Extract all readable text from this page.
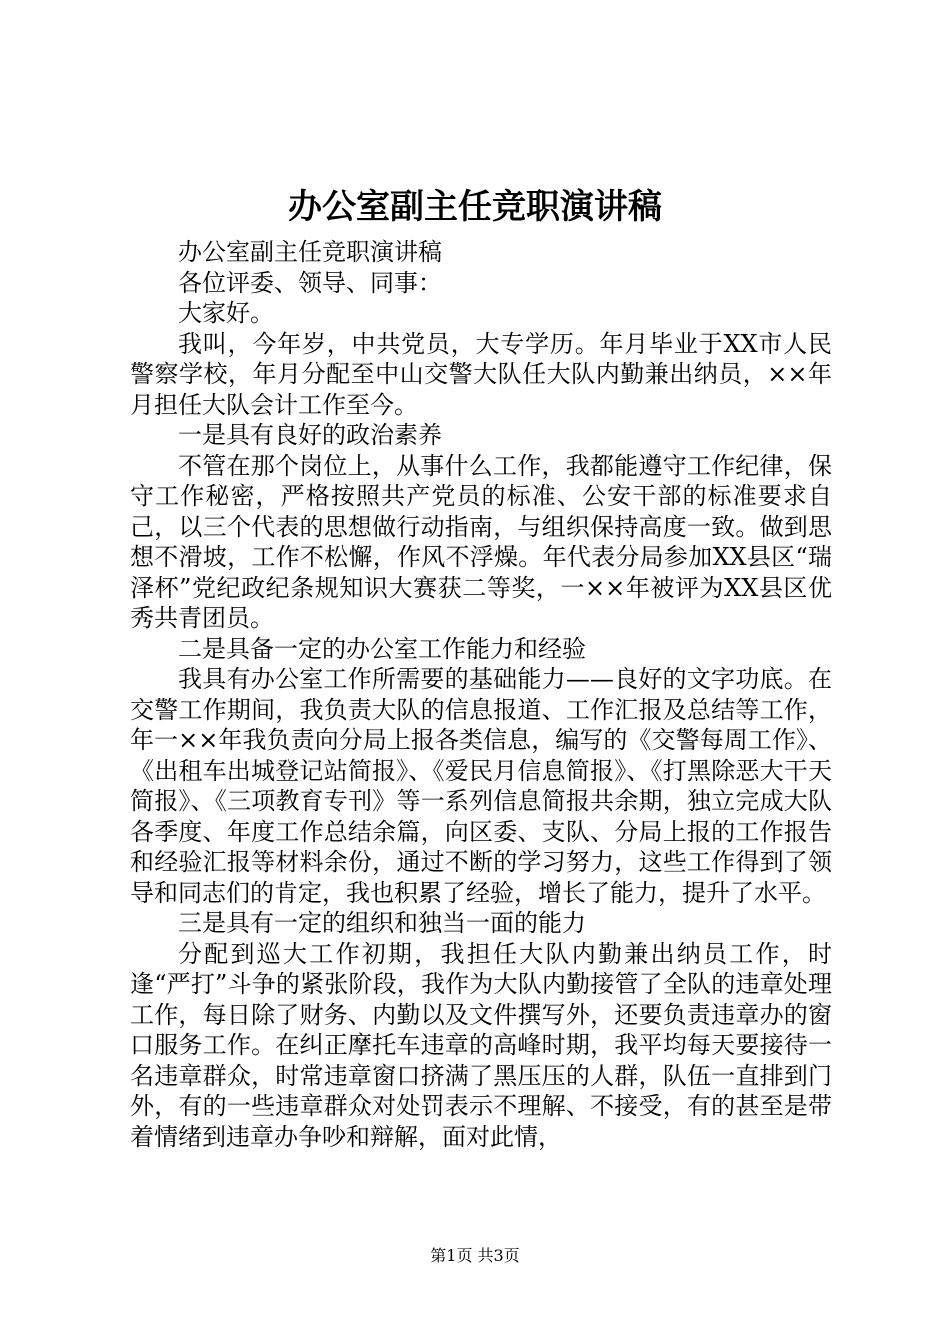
办公室副主任竞职演讲稿

办公室副主任竞职演讲稿

各位评委、领导、同事：

大家好。

我叫，今年岁，中共党员，大专学历。年月毕业于XX市人民警察学校，年月分配至中山交警大队任大队内勤兼出纳员，××年月担任大队会计工作至今。

一是具有良好的政治素养

不管在那个岗位上，从事什么工作，我都能遵守工作纪律，保守工作秘密，严格按照共产党员的标准、公安干部的标准要求自己，以三个代表的思想做行动指南，与组织保持高度一致。做到思想不滑坡，工作不松懈，作风不浮燥。年代表分局参加XX县区“瑞泽杯”党纪政纪条规知识大赛获二等奖，一××年被评为XX县区优秀共青团员。

二是具备一定的办公室工作能力和经验

我具有办公室工作所需要的基础能力——良好的文字功底。在交警工作期间，我负责大队的信息报道、工作汇报及总结等工作，年一××年我负责向分局上报各类信息，编写的《交警每周工作》、《出租车出城登记站简报》、《爱民月信息简报》、《打黑除恶大干天简报》、《三项教育专刊》等一系列信息简报共余期，独立完成大队各季度、年度工作总结余篇，向区委、支队、分局上报的工作报告和经验汇报等材料余份，通过不断的学习努力，这些工作得到了领导和同志们的肯定，我也积累了经验，增长了能力，提升了水平。

三是具有一定的组织和独当一面的能力

分配到巡大工作初期，我担任大队内勤兼出纳员工作，时逢“严打”斗争的紧张阶段，我作为大队内勤接管了全队的违章处理工作，每日除了财务、内勤以及文件撰写外，还要负责违章办的窗口服务工作。在纠正摩托车违章的高峰时期，我平均每天要接待一名违章群众，时常违章窗口挤满了黑压压的人群，队伍一直排到门外，有的一些违章群众对处罚表示不理解、不接受，有的甚至是带着情绪到违章办争吵和辩解，面对此情，

第1页 共3页
